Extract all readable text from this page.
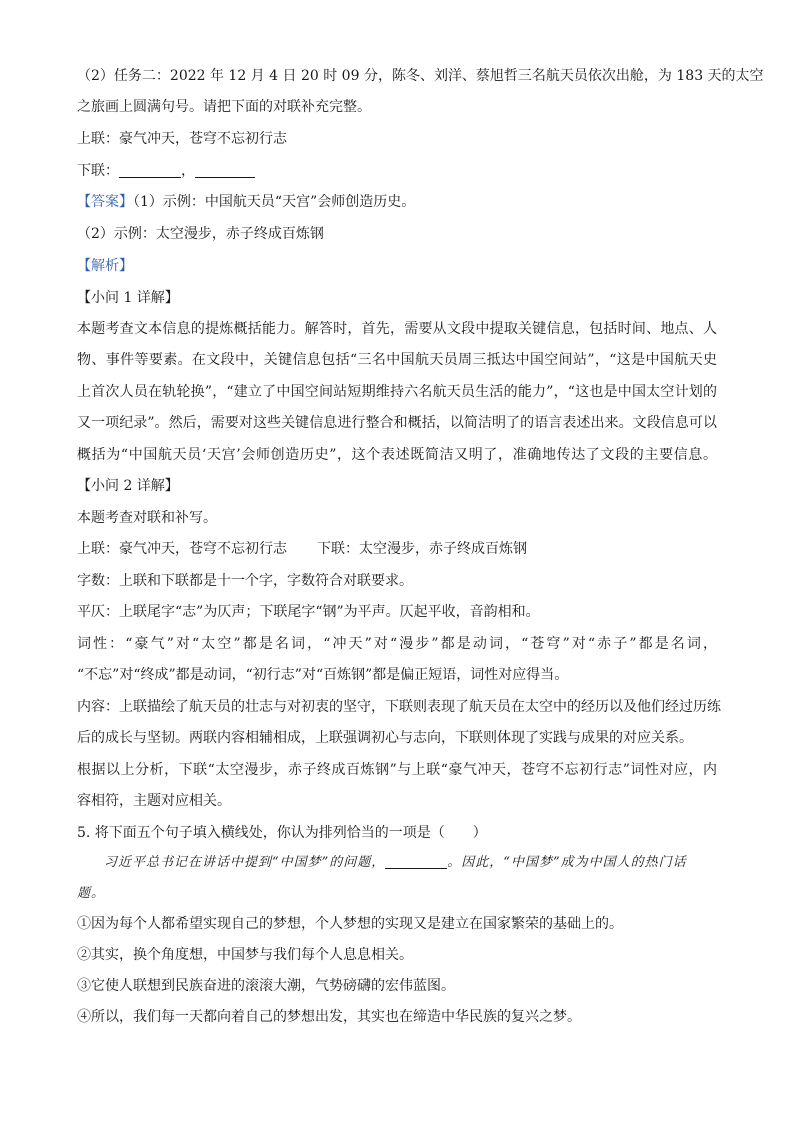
（2）任务二：2022 年 12 月 4 日 20 时 09 分，陈冬、刘洋、蔡旭哲三名航天员依次出舱，为 183 天的太空
之旅画上圆满句号。请把下面的对联补充完整。
上联：豪气冲天，苍穹不忘初行志
下联：	，
【答案】（1）示例：中国航天员“天宫”会师创造历史。
（2）示例：太空漫步，赤子终成百炼钢
【解析】
【小问 1 详解】
本题考查文本信息的提炼概括能力。解答时，首先，需要从文段中提取关键信息，包括时间、地点、人
物、事件等要素。在文段中，关键信息包括“三名中国航天员周三抵达中国空间站”，“这是中国航天史
上首次人员在轨轮换”，“建立了中国空间站短期维持六名航天员生活的能力”，“这也是中国太空计划的
又一项纪录”。然后，需要对这些关键信息进行整合和概括，以简洁明了的语言表述出来。文段信息可以
概括为“中国航天员‘天宫’会师创造历史”，这个表述既简洁又明了，准确地传达了文段的主要信息。
【小问 2 详解】
本题考查对联和补写。
上联：豪气冲天，苍穹不忘初行志 下联：太空漫步，赤子终成百炼钢
字数：上联和下联都是十一个字，字数符合对联要求。
平仄：上联尾字“志”为仄声；下联尾字“钢”为平声。仄起平收，音韵相和。
词性：“豪气”对“太空”都是名词，“冲天”对“漫步”都是动词，“苍穹”对“赤子”都是名词，
“不忘”对“终成”都是动词，“初行志”对“百炼钢”都是偏正短语，词性对应得当。
内容：上联描绘了航天员的壮志与对初衷的坚守，下联则表现了航天员在太空中的经历以及他们经过历练
后的成长与坚韧。两联内容相辅相成，上联强调初心与志向，下联则体现了实践与成果的对应关系。
根据以上分析，下联“太空漫步，赤子终成百炼钢”与上联“豪气冲天，苍穹不忘初行志”词性对应，内
容相符，主题对应相关。
5. 将下面五个句子填入横线处，你认为排列恰当的一项是（　　）
习近平总书记在讲话中提到“中国梦”的问题，	。因此，“中国梦”成为中国人的热门话
题。
①因为每个人都希望实现自己的梦想，个人梦想的实现又是建立在国家繁荣的基础上的。
②其实，换个角度想，中国梦与我们每个人息息相关。
③它使人联想到民族奋进的滚滚大潮，气势磅礴的宏伟蓝图。
④所以，我们每一天都向着自己的梦想出发，其实也在缔造中华民族的复兴之梦。
